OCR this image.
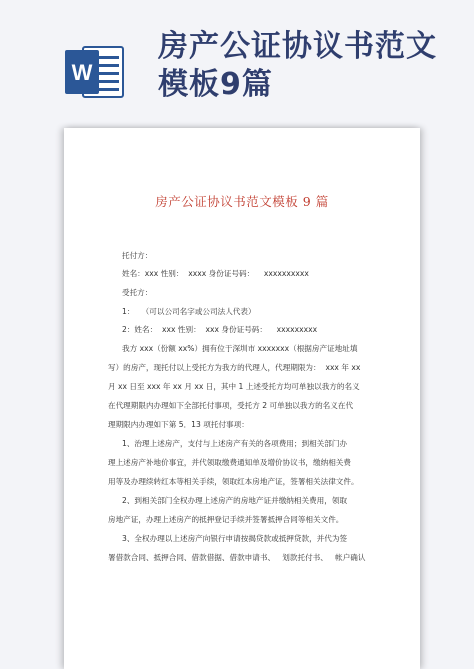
W
房产公证协议书范文模板9篇
房产公证协议书范文模板 9 篇
托付方：
姓名：xxx 性别：  xxxx 身份证号码：    xxxxxxxxxx
受托方：
1：   （可以公司名字或公司法人代表）
2：姓名：  xxx 性别：  xxx 身份证号码：    xxxxxxxxx
我方 xxx（份额 xx%）拥有位于深圳市 xxxxxxx（根据房产证地址填
写）的房产，现托付以上受托方为我方的代理人，代理期限为：  xxx 年 xx
月 xx 日至 xxx 年 xx 月 xx 日，其中 1 上述受托方均可单独以我方的名义
在代理期限内办理如下全部托付事项，受托方 2 可单独以我方的名义在代
理期限内办理如下第 5．13 项托付事项：
1、治理上述房产，支付与上述房产有关的各项费用；到相关部门办
理上述房产补地价事宜，并代领取缴费通知单及增价协议书，缴纳相关费
用等及办理续转红本等相关手续，领取红本房地产证，签署相关法律文件。
2、到相关部门全权办理上述房产的房地产证并缴纳相关费用，领取
房地产证，办理上述房产的抵押登记手续并签署抵押合同等相关文件。
3、全权办理以上述房产向银行申请按揭贷款或抵押贷款，并代为签
署借款合同、抵押合同、借款借据、借款申请书、   划款托付书、   帐户确认
